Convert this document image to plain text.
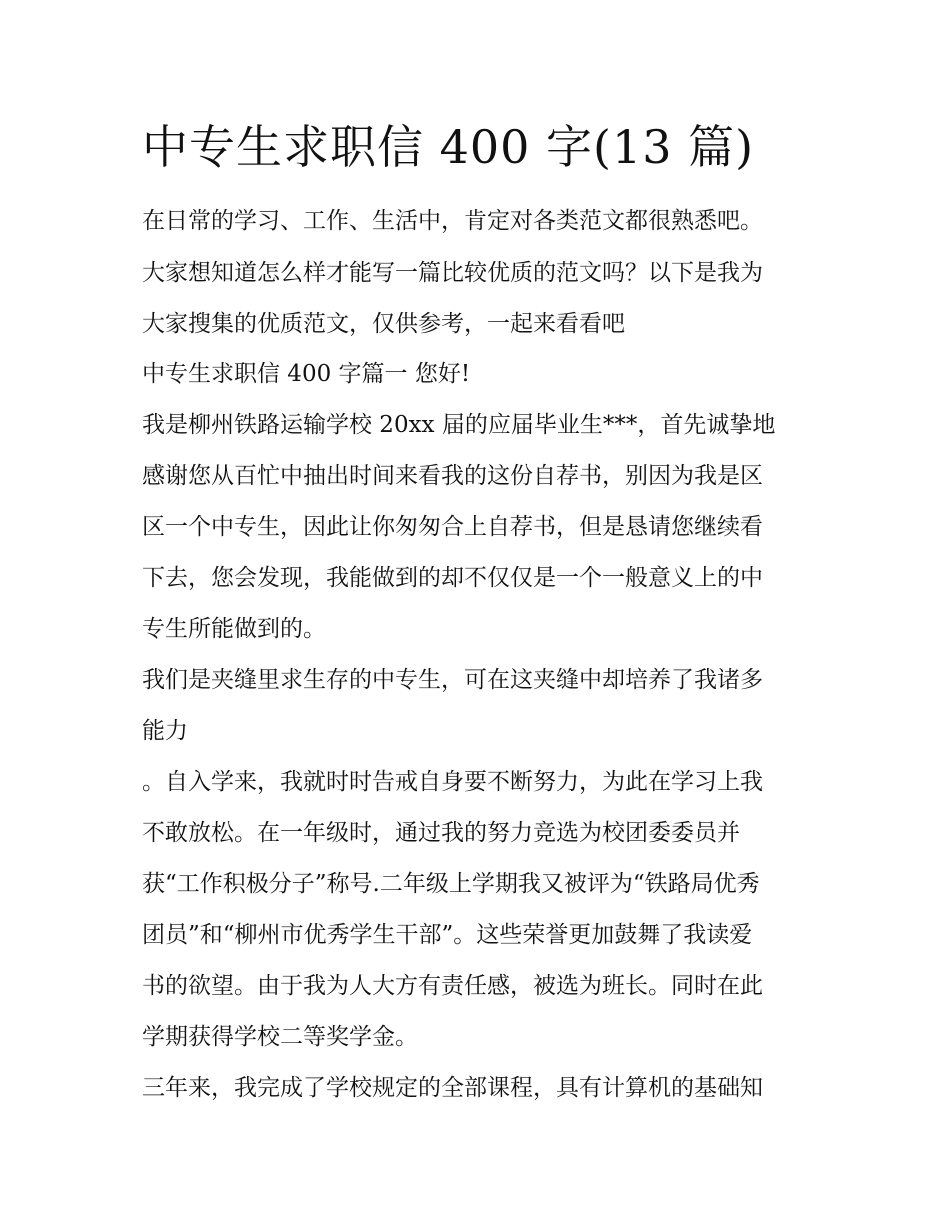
中专生求职信 400 字(13 篇)

在日常的学习、工作、生活中，肯定对各类范文都很熟悉吧。

大家想知道怎么样才能写一篇比较优质的范文吗？以下是我为

大家搜集的优质范文，仅供参考，一起来看看吧

中专生求职信 400 字篇一 您好!

我是柳州铁路运输学校 20xx 届的应届毕业生***，首先诚挚地

感谢您从百忙中抽出时间来看我的这份自荐书，别因为我是区

区一个中专生，因此让你匆匆合上自荐书，但是恳请您继续看

下去，您会发现，我能做到的却不仅仅是一个一般意义上的中

专生所能做到的。

我们是夹缝里求生存的中专生，可在这夹缝中却培养了我诸多

能力

。自入学来，我就时时告戒自身要不断努力，为此在学习上我

不敢放松。在一年级时，通过我的努力竞选为校团委委员并

获“工作积极分子”称号.二年级上学期我又被评为“铁路局优秀

团员”和“柳州市优秀学生干部”。这些荣誉更加鼓舞了我读爱

书的欲望。由于我为人大方有责任感，被选为班长。同时在此

学期获得学校二等奖学金。

三年来，我完成了学校规定的全部课程，具有计算机的基础知
